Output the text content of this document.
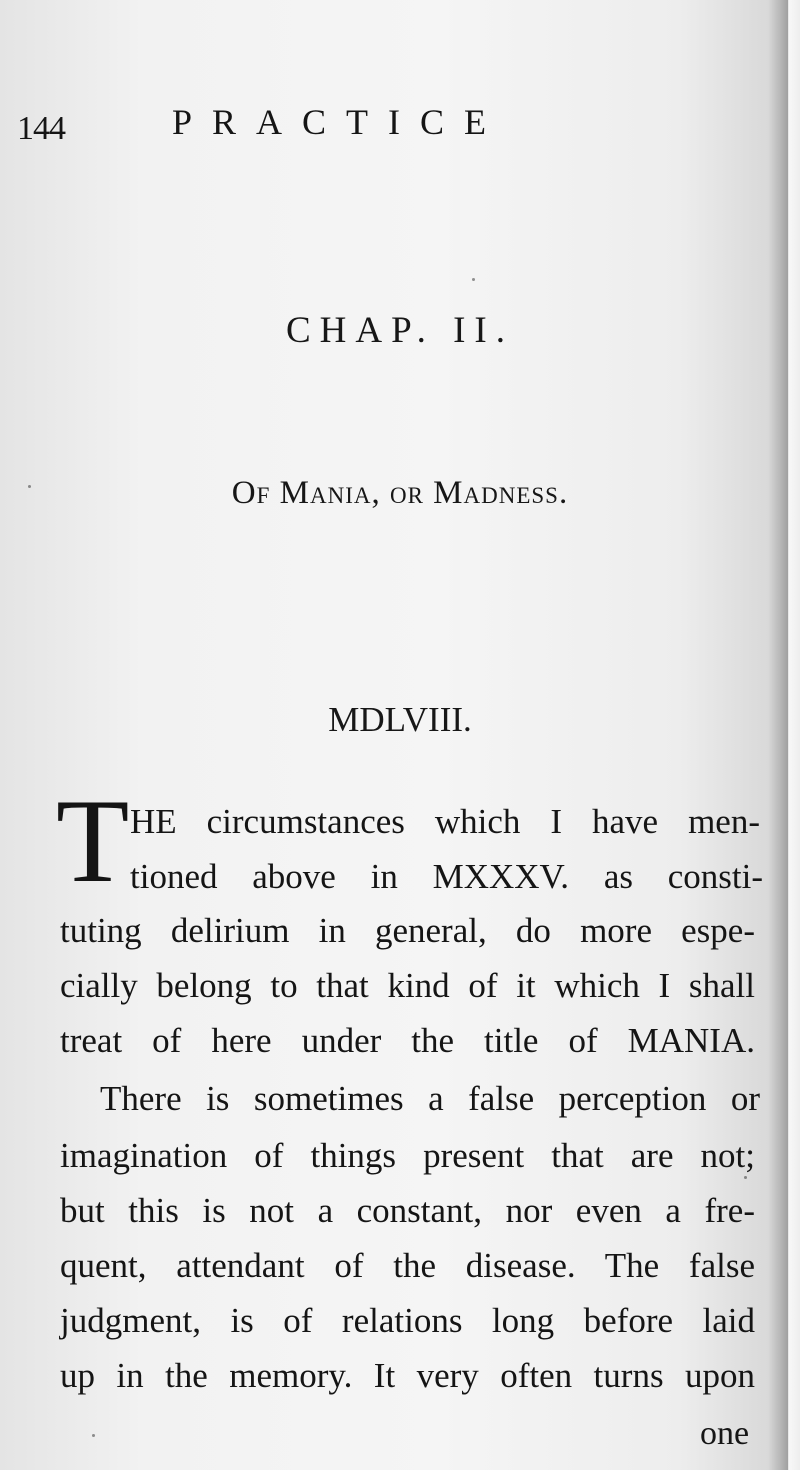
144	PRACTICE
CHAP. II.
Of Mania, or Madness.
MDLVIII.
T HE circumstances which I have men-
tioned above in MXXXV. as consti-
tuting delirium in general, do more espe-
cially belong to that kind of it which I shall
treat of here under the title of MANIA.
There is sometimes a false perception or
imagination of things present that are not;
but this is not a constant, nor even a fre-
quent, attendant of the disease. The false
judgment, is of relations long before laid
up in the memory. It very often turns upon
one
